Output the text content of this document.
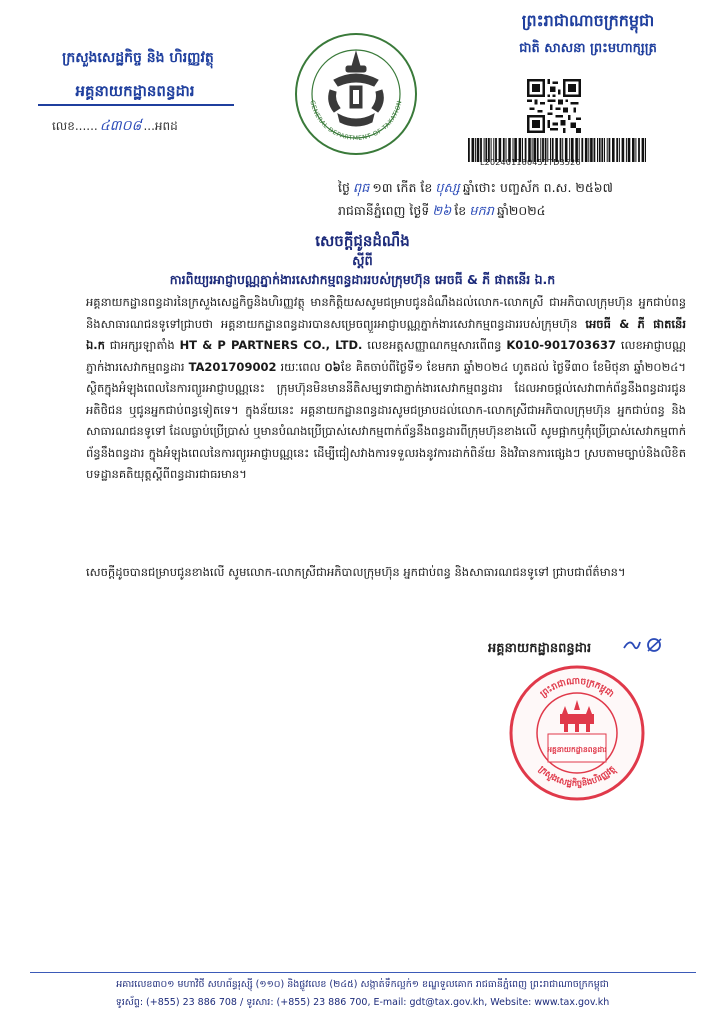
ក្រសួងសេដ្ឋកិច្ច និង ហិរញ្ញវត្ថុ
អគ្គនាយកដ្ឋានពន្ធដារ
លេខ...... ៤៣០៨ ...អពដ
GENERAL DEPARTMENT OF TAXATION
ព្រះរាជាណាចក្រកម្ពុជា
ជាតិ សាសនា ព្រះមហាក្សត្រ
L202401160451TD3526
ថ្ងៃ ពុធ ១៣ កើត ខែ បុស្ស ឆ្នាំថោះ បញ្ចស័ក ព.ស. ២៥៦៧
រាជធានីភ្នំពេញ ថ្ងៃទី ២៦ ខែ មករា ឆ្នាំ២០២៤
សេចក្តីជូនដំណឹង
ស្តីពី
ការពិយ្យរអាជ្ញាបណ្ណភ្នាក់ងារសេវាកម្មពន្ធដាររបស់ក្រុមហ៊ុន អេចធី & ភី ផាតនើរ ឯ.ក
អគ្គនាយកដ្ឋានពន្ធដារនៃក្រសួងសេដ្ឋកិច្ចនិងហិរញ្ញវត្ថុ មានកិត្តិយសសូមជម្រាបជូនដំណឹងដល់លោក-លោកស្រី ជាអភិបាលក្រុមហ៊ុន អ្នកជាប់ពន្ធ និងសាធារណជនទូទៅជ្រាបថា អគ្គនាយកដ្ឋានពន្ធដារបានសម្រេចព្យួរអាជ្ញាបណ្ណភ្នាក់ងារសេវាកម្មពន្ធដាររបស់ក្រុមហ៊ុន អេចធី & ភី ផាតនើរ ឯ.ក ជាអក្សរឡាតាំង HT & P PARTNERS CO., LTD. លេខអត្តសញ្ញាណកម្មសារពើពន្ធ K010-901703637 លេខអាជ្ញាបណ្ណភ្នាក់ងារសេវាកម្មពន្ធដារ TA201709002 រយៈពេល ០៦ខែ គិតចាប់ពីថ្ងៃទី១ ខែមករា ឆ្នាំ២០២៤ ហូតដល់ ថ្ងៃទី៣០ ខែមិថុនា ឆ្នាំ២០២៤។ ស្ថិតក្នុងអំឡុងពេលនៃការព្យួរអាជ្ញាបណ្ណនេះ ក្រុមហ៊ុនមិនមាននីតិសម្បទាជាភ្នាក់ងារសេវាកម្មពន្ធដារ ដែលអាចផ្តល់សេវាពាក់ព័ន្ធនឹងពន្ធដារជូនអតិថិជន ឬជូនអ្នកជាប់ពន្ធទៀតទេ។ ក្នុងន័យនេះ អគ្គនាយកដ្ឋានពន្ធដារសូមជម្រាបដល់លោក-លោកស្រីជាអភិបាលក្រុមហ៊ុន អ្នកជាប់ពន្ធ និងសាធារណជនទូទៅ ដែលធ្លាប់ប្រើប្រាស់ ឬមានបំណងប្រើប្រាស់សេវាកម្មពាក់ព័ន្ធនឹងពន្ធដារពីក្រុមហ៊ុនខាងលើ សូមផ្អាកឬកុំប្រើប្រាស់សេវាកម្មពាក់ព័ន្ធនឹងពន្ធដារ ក្នុងអំឡុងពេលនៃការព្យួរអាជ្ញាបណ្ណនេះ ដើម្បីជៀសវាងការទទួលរងនូវការដាក់ពិន័យ និងវិធានការផ្សេងៗ ស្របតាមច្បាប់និងលិខិតបទដ្ឋានគតិយុត្តស្តីពីពន្ធដារជាធរមាន។
សេចក្តីដូចបានជម្រាបជូនខាងលើ សូមលោក-លោកស្រីជាអភិបាលក្រុមហ៊ុន អ្នកជាប់ពន្ធ និងសាធារណជនទូទៅ ជ្រាបជាព័ត៌មាន។
អគ្គនាយកដ្ឋានពន្ធដារ
ព្រះរាជាណាចក្រកម្ពុជា
ក្រសួងសេដ្ឋកិច្ចនិងហិរញ្ញវត្ថុ
អគ្គនាយកដ្ឋានពន្ធដារ
អគារលេខ៣០១ មហាវិថី សហព័ន្ធរុស្ស៊ី (១១០) និងផ្លូវលេខ (២៤៥) សង្កាត់ទឹកល្អក់១ ខណ្ឌទួលគោក រាជធានីភ្នំពេញ ព្រះរាជាណាចក្រកម្ពុជា
ទូរស័ព្ទ: (+855) 23 886 708 / ទូរសារ: (+855) 23 886 700, E-mail: gdt@tax.gov.kh, Website: www.tax.gov.kh
